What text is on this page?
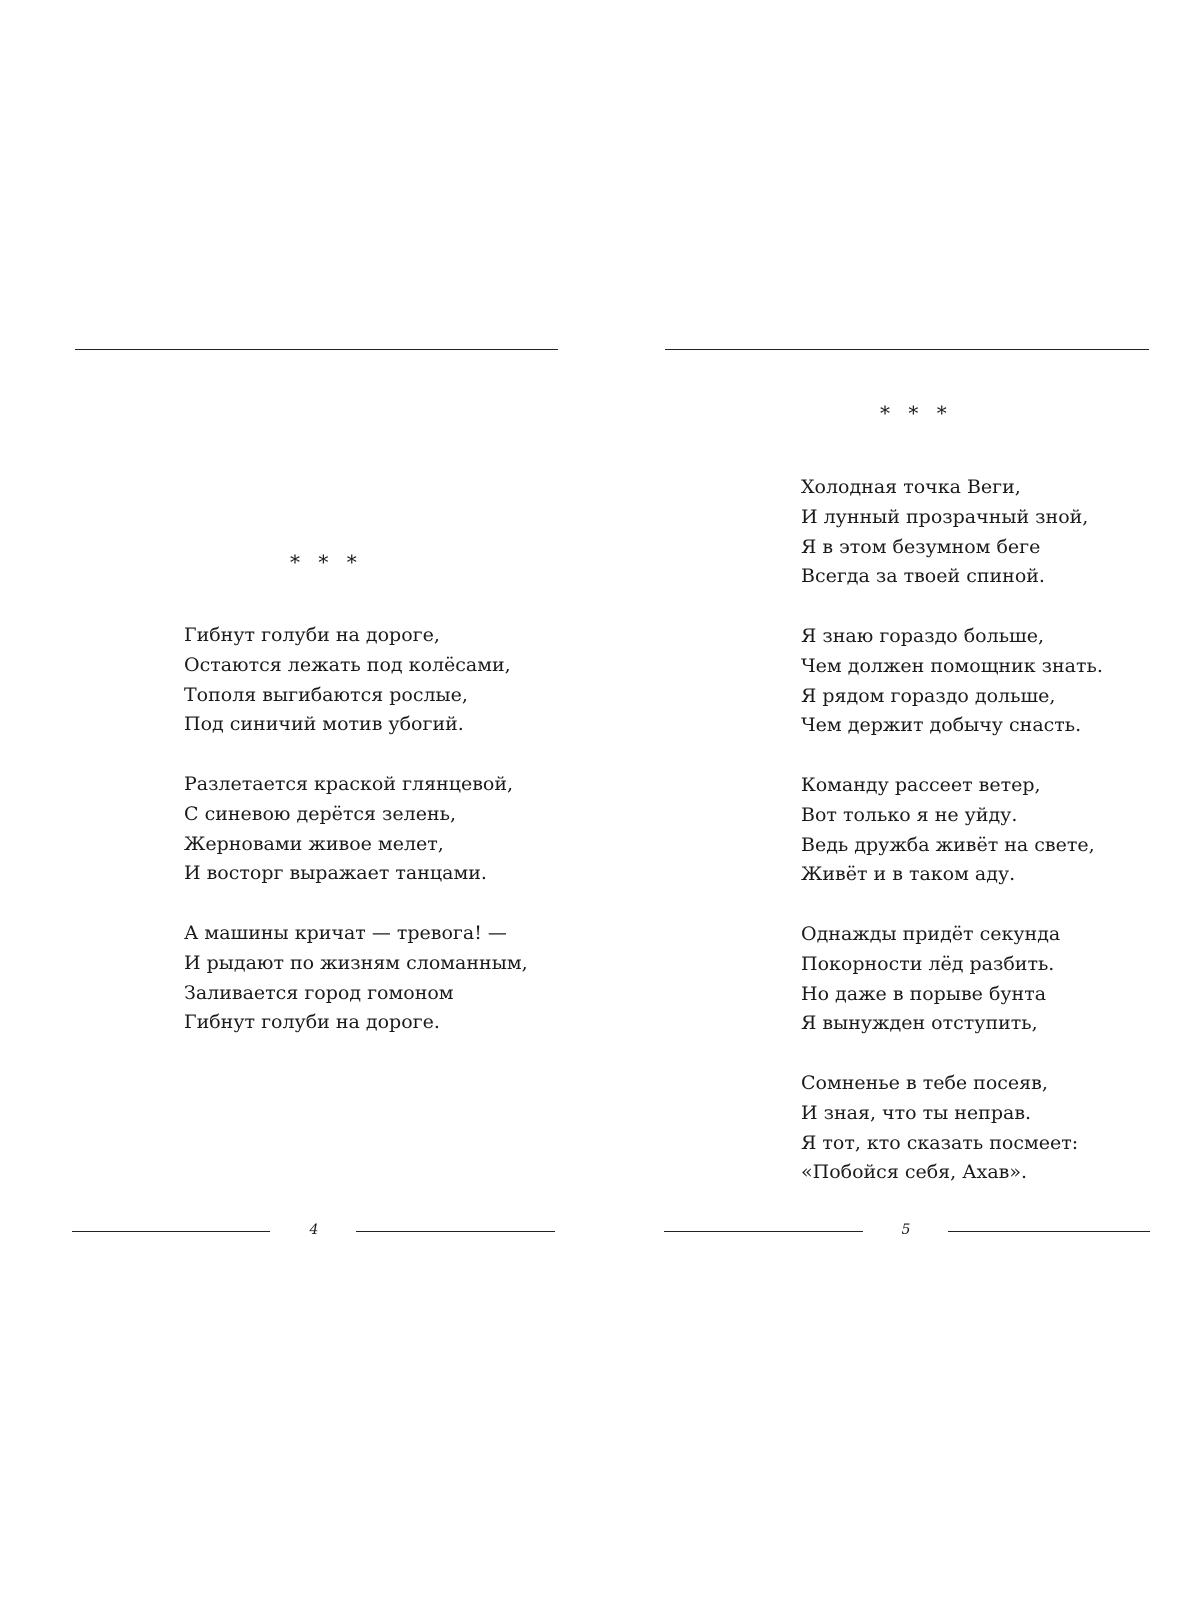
* * *
Гибнут голуби на дороге,
Остаются лежать под колёсами,
Тополя выгибаются рослые,
Под синичий мотив убогий.
Разлетается краской глянцевой,
С синевою дерётся зелень,
Жерновами живое мелет,
И восторг выражает танцами.
А машины кричат — тревога! —
И рыдают по жизням сломанным,
Заливается город гомоном
Гибнут голуби на дороге.
4
* * *
Холодная точка Веги,
И лунный прозрачный зной,
Я в этом безумном беге
Всегда за твоей спиной.
Я знаю гораздо больше,
Чем должен помощник знать.
Я рядом гораздо дольше,
Чем держит добычу снасть.
Команду рассеет ветер,
Вот только я не уйду.
Ведь дружба живёт на свете,
Живёт и в таком аду.
Однажды придёт секунда
Покорности лёд разбить.
Но даже в порыве бунта
Я вынужден отступить,
Сомненье в тебе посеяв,
И зная, что ты неправ.
Я тот, кто сказать посмеет:
«Побойся себя, Ахав».
5
